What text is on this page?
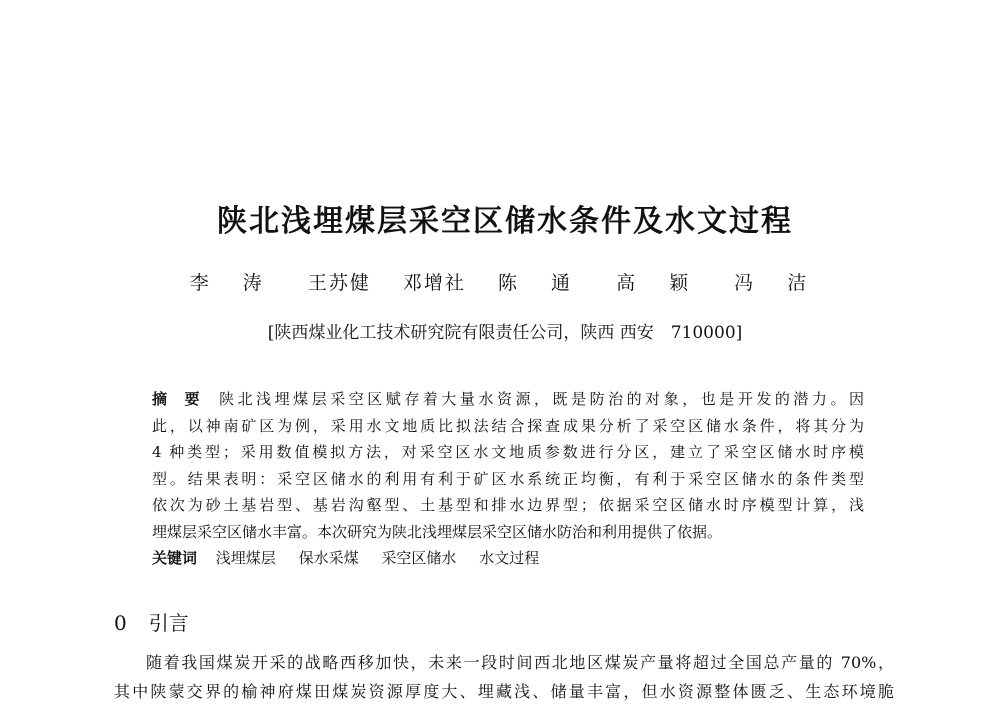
陕北浅埋煤层采空区储水条件及水文过程
李 涛 王苏健 邓增社 陈 通 高 颖 冯 洁
[陕西煤业化工技术研究院有限责任公司，陕西 西安　710000]
摘要 陕北浅埋煤层采空区赋存着大量水资源，既是防治的对象，也是开发的潜力。因
此，以神南矿区为例，采用水文地质比拟法结合探查成果分析了采空区储水条件，将其分为
4 种类型；采用数值模拟方法，对采空区水文地质参数进行分区，建立了采空区储水时序模
型。结果表明：采空区储水的利用有利于矿区水系统正均衡，有利于采空区储水的条件类型
依次为砂土基岩型、基岩沟壑型、土基型和排水边界型；依据采空区储水时序模型计算，浅
埋煤层采空区储水丰富。本次研究为陕北浅埋煤层采空区储水防治和利用提供了依据。
关键词 浅埋煤层 保水采煤 采空区储水 水文过程
0 引言
随着我国煤炭开采的战略西移加快，未来一段时间西北地区煤炭产量将超过全国总产量的 70%，
其中陕蒙交界的榆神府煤田煤炭资源厚度大、埋藏浅、储量丰富，但水资源整体匮乏、生态环境脆
